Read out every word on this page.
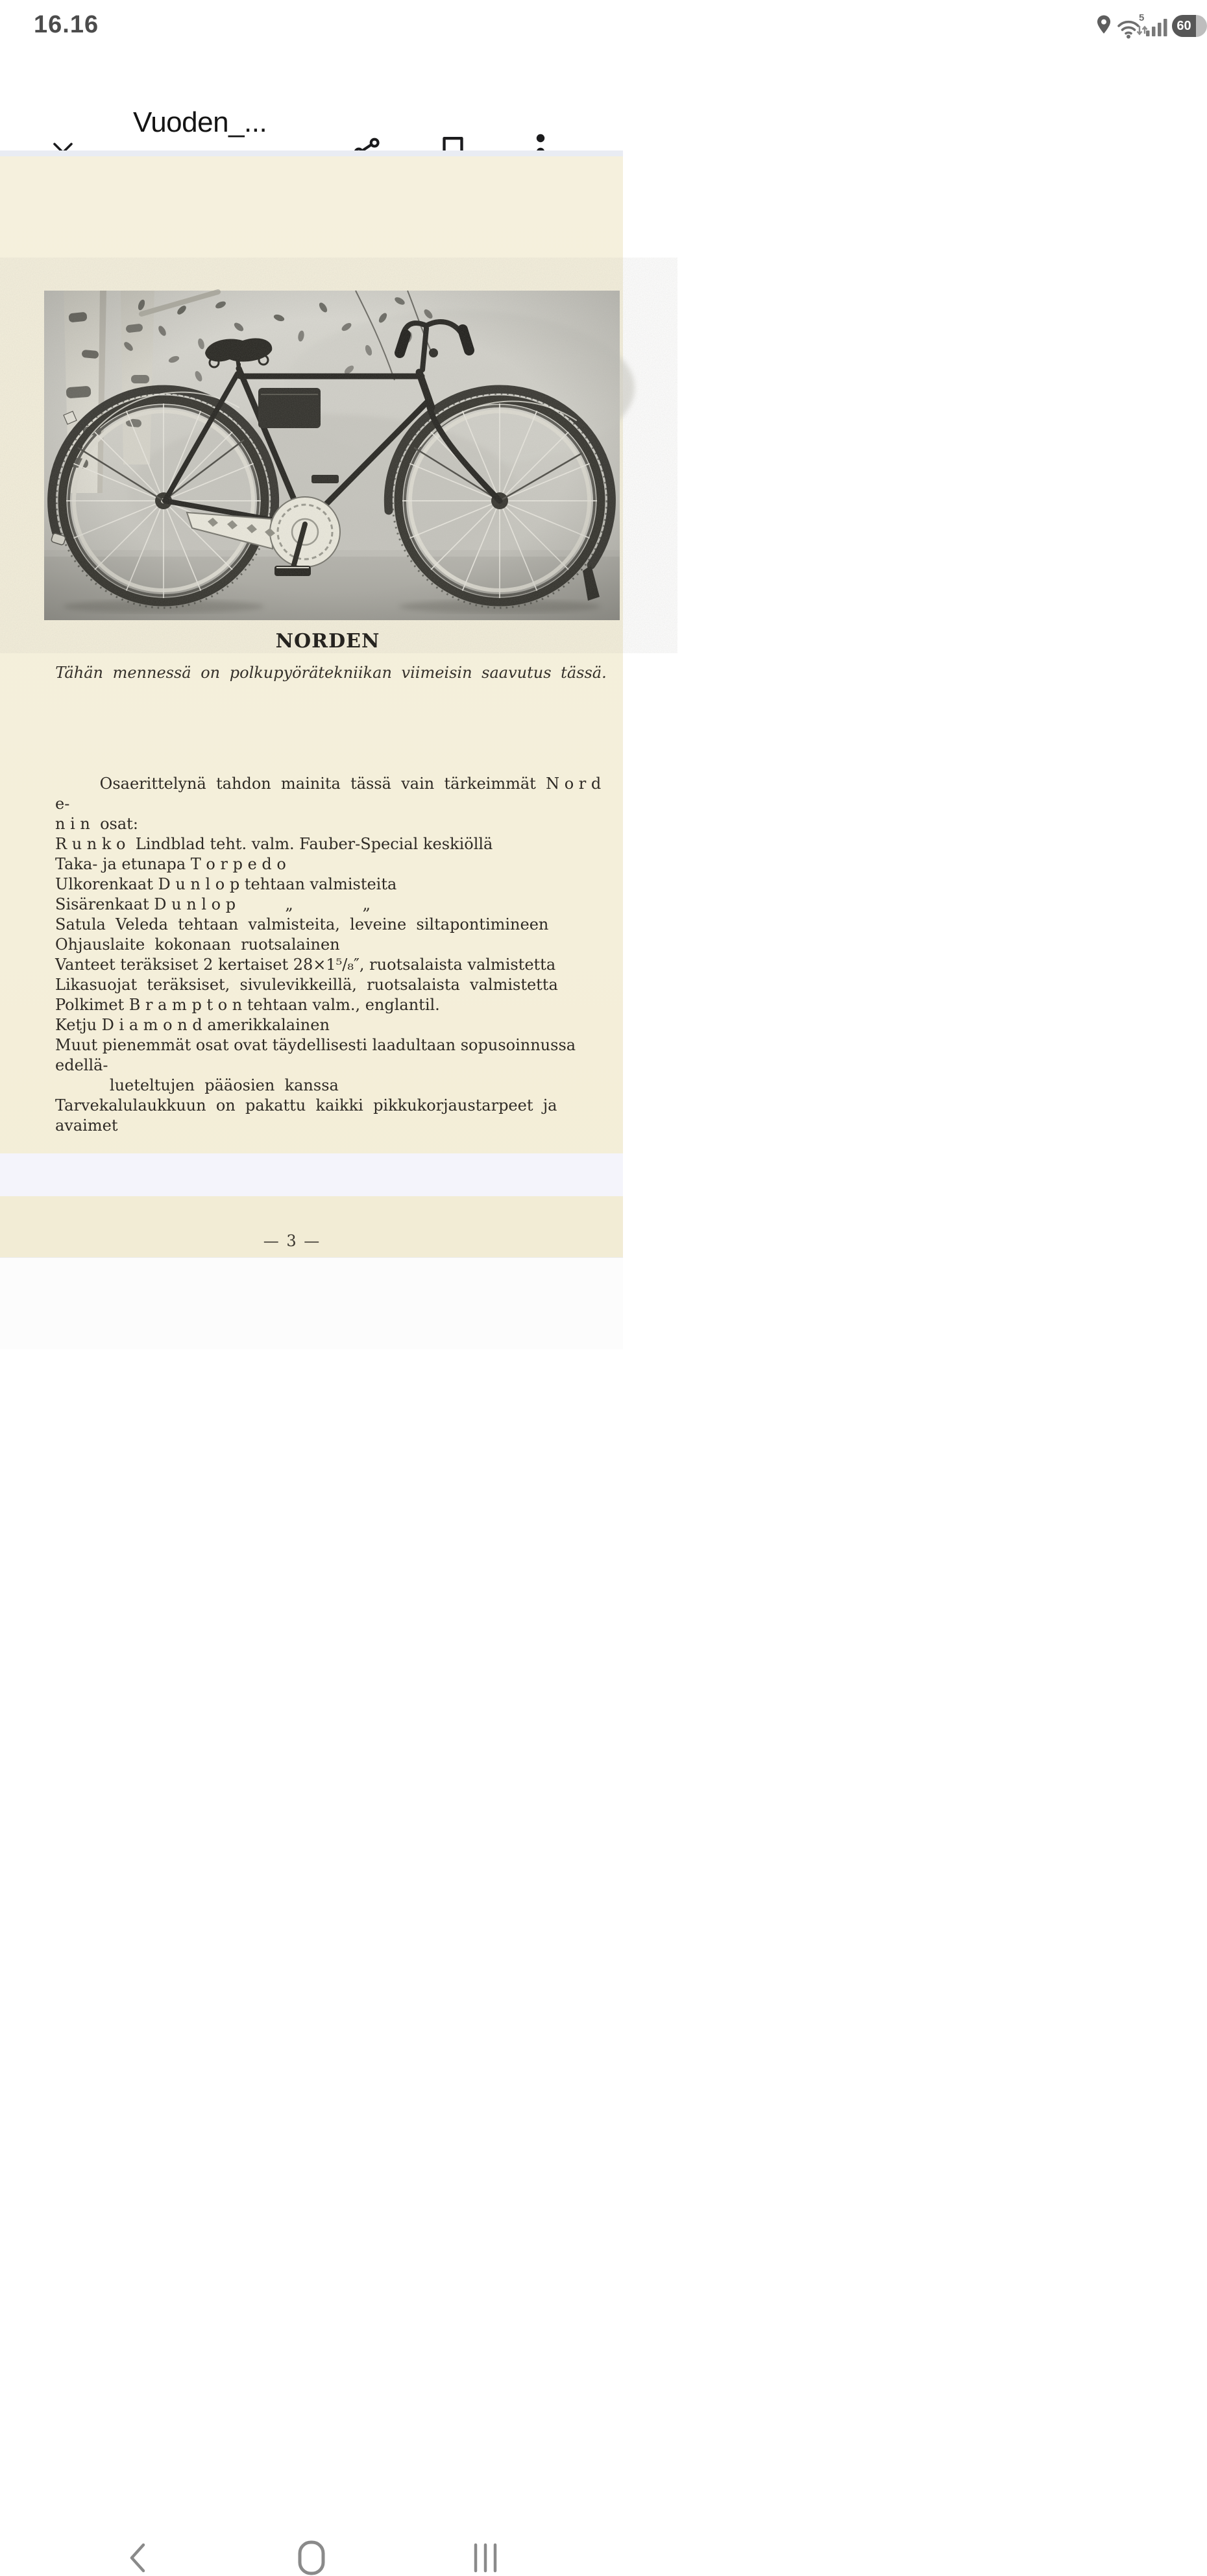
16.16	5
60
Vuoden_...
NORDEN
Tähän mennessä on polkupyörätekniikan viimeisin saavutus tässä.
Osaerittelynä  tahdon  mainita  tässä  vain  tärkeimmät  N o r d e-
n i n  osat:
R u n k o  Lindblad teht. valm. Fauber-Special keskiöllä
Taka- ja etunapa T o r p e d o
Ulkorenkaat D u n l o p tehtaan valmisteita
Sisärenkaat D u n l o p          „              „
Satula  Veleda  tehtaan  valmisteita,  leveine  siltapontimineen
Ohjauslaite  kokonaan  ruotsalainen
Vanteet teräksiset 2 kertaiset 28×1⁵/₈″, ruotsalaista valmistetta
Likasuojat  teräksiset,  sivulevikkeillä,  ruotsalaista  valmistetta
Polkimet B r a m p t o n tehtaan valm., englantil.
Ketju D i a m o n d amerikkalainen
Muut pienemmät osat ovat täydellisesti laadultaan sopusoinnussa edellä-
lueteltujen  pääosien  kanssa
Tarvekalulaukkuun  on  pakattu  kaikki  pikkukorjaustarpeet  ja  avaimet
— 3 —
